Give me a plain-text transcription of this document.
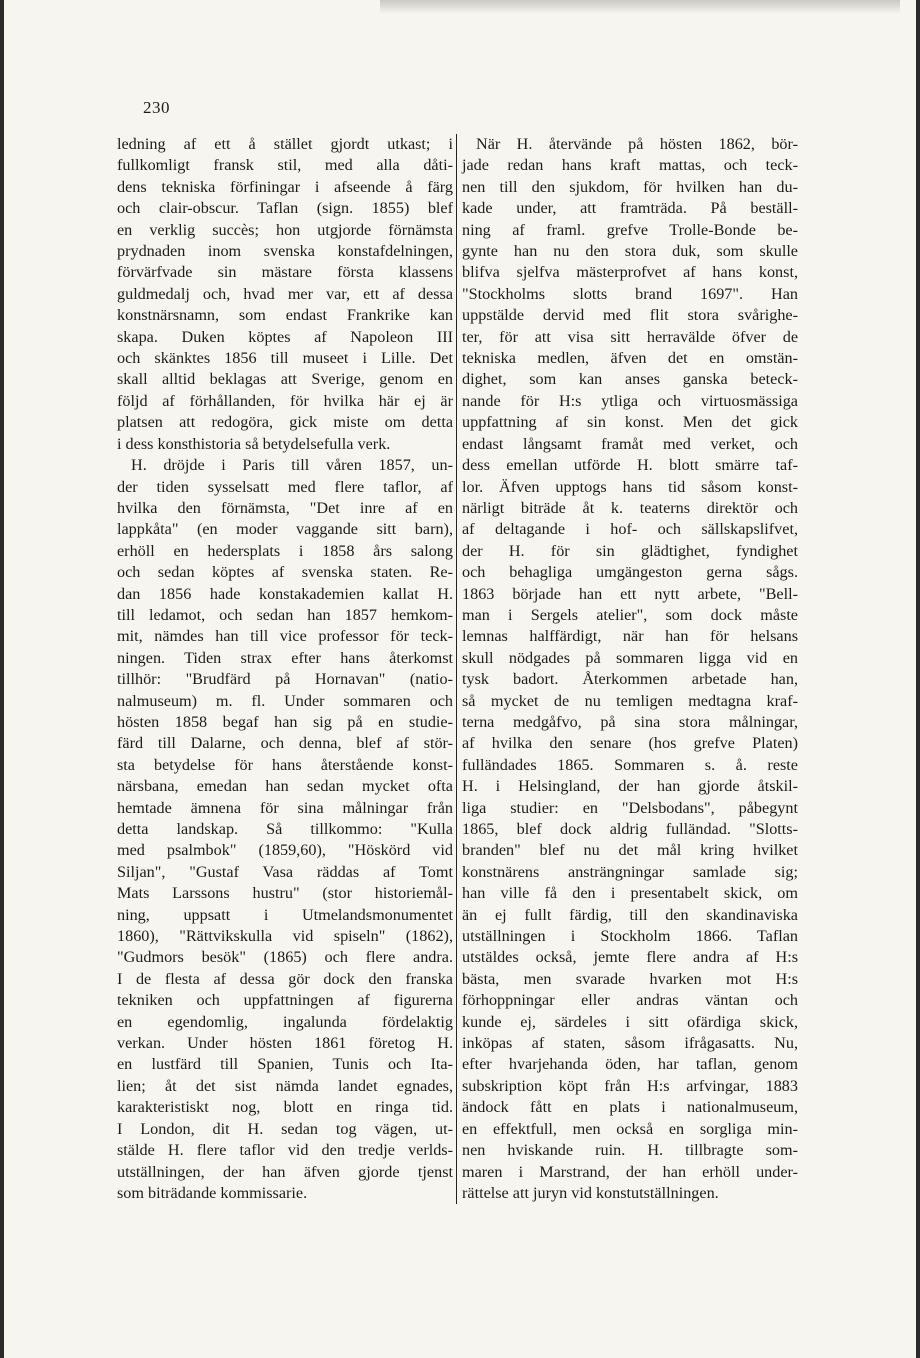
230
ledning af ett å stället gjordt utkast; i
fullkomligt fransk stil, med alla dåti-
dens tekniska förfiningar i afseende å färg
och clair-obscur. Taflan (sign. 1855) blef
en verklig succès; hon utgjorde förnämsta
prydnaden inom svenska konstafdelningen,
förvärfvade sin mästare första klassens
guldmedalj och, hvad mer var, ett af dessa
konstnärsnamn, som endast Frankrike kan
skapa. Duken köptes af Napoleon III
och skänktes 1856 till museet i Lille. Det
skall alltid beklagas att Sverige, genom en
följd af förhållanden, för hvilka här ej är
platsen att redogöra, gick miste om detta
i dess konsthistoria så betydelsefulla verk.
H. dröjde i Paris till våren 1857, un-
der tiden sysselsatt med flere taflor, af
hvilka den förnämsta, "Det inre af en
lappkåta" (en moder vaggande sitt barn),
erhöll en hedersplats i 1858 års salong
och sedan köptes af svenska staten. Re-
dan 1856 hade konstakademien kallat H.
till ledamot, och sedan han 1857 hemkom-
mit, nämdes han till vice professor för teck-
ningen. Tiden strax efter hans återkomst
tillhör: "Brudfärd på Hornavan" (natio-
nalmuseum) m. fl. Under sommaren och
hösten 1858 begaf han sig på en studie-
färd till Dalarne, och denna, blef af stör-
sta betydelse för hans återstående konst-
närsbana, emedan han sedan mycket ofta
hemtade ämnena för sina målningar från
detta landskap. Så tillkommo: "Kulla
med psalmbok" (1859,60), "Höskörd vid
Siljan", "Gustaf Vasa räddas af Tomt
Mats Larssons hustru" (stor historiemål-
ning, uppsatt i Utmelandsmonumentet
1860), "Rättvikskulla vid spiseln" (1862),
"Gudmors besök" (1865) och flere andra.
I de flesta af dessa gör dock den franska
tekniken och uppfattningen af figurerna
en egendomlig, ingalunda fördelaktig
verkan. Under hösten 1861 företog H.
en lustfärd till Spanien, Tunis och Ita-
lien; åt det sist nämda landet egnades,
karakteristiskt nog, blott en ringa tid.
I London, dit H. sedan tog vägen, ut-
stälde H. flere taflor vid den tredje verlds-
utställningen, der han äfven gjorde tjenst
som biträdande kommissarie.
När H. återvände på hösten 1862, bör-
jade redan hans kraft mattas, och teck-
nen till den sjukdom, för hvilken han du-
kade under, att framträda. På beställ-
ning af framl. grefve Trolle-Bonde be-
gynte han nu den stora duk, som skulle
blifva sjelfva mästerprofvet af hans konst,
"Stockholms slotts brand 1697". Han
uppstälde dervid med flit stora svårighe-
ter, för att visa sitt herravälde öfver de
tekniska medlen, äfven det en omstän-
dighet, som kan anses ganska beteck-
nande för H:s ytliga och virtuosmässiga
uppfattning af sin konst. Men det gick
endast långsamt framåt med verket, och
dess emellan utförde H. blott smärre taf-
lor. Äfven upptogs hans tid såsom konst-
närligt biträde åt k. teaterns direktör och
af deltagande i hof- och sällskapslifvet,
der H. för sin glädtighet, fyndighet
och behagliga umgängeston gerna sågs.
1863 började han ett nytt arbete, "Bell-
man i Sergels atelier", som dock måste
lemnas halffärdigt, när han för helsans
skull nödgades på sommaren ligga vid en
tysk badort. Återkommen arbetade han,
så mycket de nu temligen medtagna kraf-
terna medgåfvo, på sina stora målningar,
af hvilka den senare (hos grefve Platen)
fulländades 1865. Sommaren s. å. reste
H. i Helsingland, der han gjorde åtskil-
liga studier: en "Delsbodans", påbegynt
1865, blef dock aldrig fulländad. "Slotts-
branden" blef nu det mål kring hvilket
konstnärens ansträngningar samlade sig;
han ville få den i presentabelt skick, om
än ej fullt färdig, till den skandinaviska
utställningen i Stockholm 1866. Taflan
utstäldes också, jemte flere andra af H:s
bästa, men svarade hvarken mot H:s
förhoppningar eller andras väntan och
kunde ej, särdeles i sitt ofärdiga skick,
inköpas af staten, såsom ifrågasatts. Nu,
efter hvarjehanda öden, har taflan, genom
subskription köpt från H:s arfvingar, 1883
ändock fått en plats i nationalmuseum,
en effektfull, men också en sorgliga min-
nen hviskande ruin. H. tillbragte som-
maren i Marstrand, der han erhöll under-
rättelse att juryn vid konstutställningen.
